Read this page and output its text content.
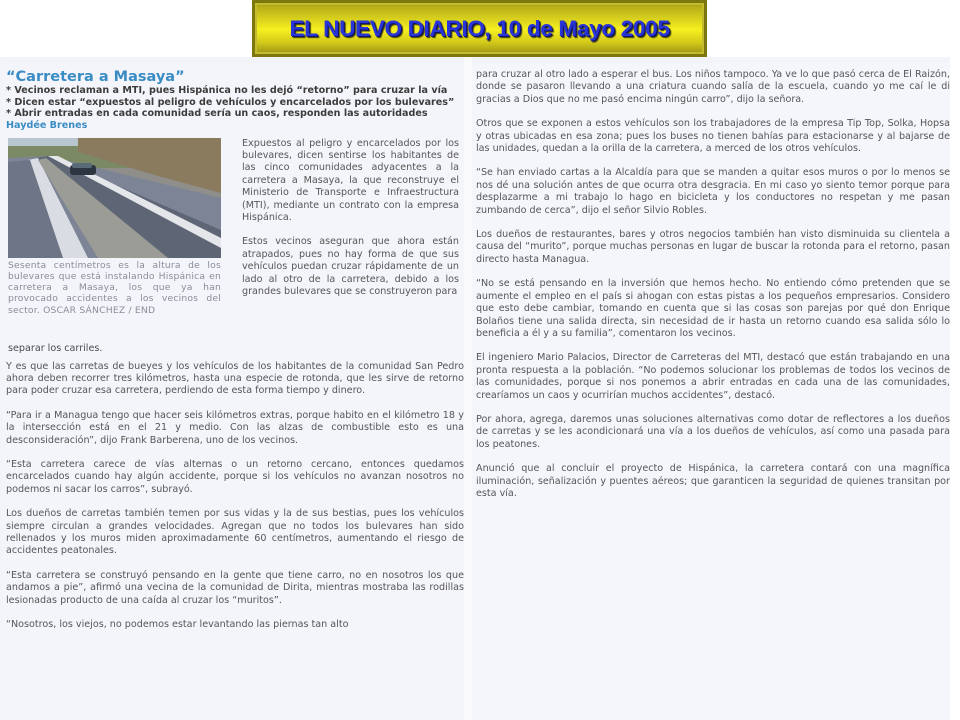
EL NUEVO DIARIO, 10 de Mayo 2005
“Carretera a Masaya”
* Vecinos reclaman a MTI, pues Hispánica no les dejó “retorno” para cruzar la vía
* Dicen estar “expuestos al peligro de vehículos y encarcelados por los bulevares”
* Abrir entradas en cada comunidad sería un caos, responden las autoridades
Haydée Brenes
Sesenta centímetros es la altura de los bulevares que está instalando Hispánica en carretera a Masaya, los que ya han provocado accidentes a los vecinos del sector. OSCAR SÁNCHEZ / END

Expuestos al peligro y encarcelados por los bulevares, dicen sentirse los habitantes de las cinco comunidades adyacentes a la carretera a Masaya, la que reconstruye el Ministerio de Transporte e Infraestructura (MTI), mediante un contrato con la empresa Hispánica.

Estos vecinos aseguran que ahora están atrapados, pues no hay forma de que sus vehículos puedan cruzar rápidamente de un lado al otro de la carretera, debido a los grandes bulevares que se construyeron para

separar los carriles.

Y es que las carretas de bueyes y los vehículos de los habitantes de la comunidad San Pedro ahora deben recorrer tres kilómetros, hasta una especie de rotonda, que les sirve de retorno para poder cruzar esa carretera, perdiendo de esta forma tiempo y dinero.

“Para ir a Managua tengo que hacer seis kilómetros extras, porque habito en el kilómetro 18 y la intersección está en el 21 y medio. Con las alzas de combustible esto es una desconsideración”, dijo Frank Barberena, uno de los vecinos.

“Esta carretera carece de vías alternas o un retorno cercano, entonces quedamos encarcelados cuando hay algún accidente, porque si los vehículos no avanzan nosotros no podemos ni sacar los carros”, subrayó.

Los dueños de carretas también temen por sus vidas y la de sus bestias, pues los vehículos siempre circulan a grandes velocidades. Agregan que no todos los bulevares han sido rellenados y los muros miden aproximadamente 60 centímetros, aumentando el riesgo de accidentes peatonales.

“Esta carretera se construyó pensando en la gente que tiene carro, no en nosotros los que andamos a pie”, afirmó una vecina de la comunidad de Dirita, mientras mostraba las rodillas lesionadas producto de una caída al cruzar los “muritos”.

“Nosotros, los viejos, no podemos estar levantando las piernas tan alto

para cruzar al otro lado a esperar el bus. Los niños tampoco. Ya ve lo que pasó cerca de El Raizón, donde se pasaron llevando a una criatura cuando salía de la escuela, cuando yo me caí le di gracias a Dios que no me pasó encima ningún carro”, dijo la señora.

Otros que se exponen a estos vehículos son los trabajadores de la empresa Tip Top, Solka, Hopsa y otras ubicadas en esa zona; pues los buses no tienen bahías para estacionarse y al bajarse de las unidades, quedan a la orilla de la carretera, a merced de los otros vehículos.

“Se han enviado cartas a la Alcaldía para que se manden a quitar esos muros o por lo menos se nos dé una solución antes de que ocurra otra desgracia. En mi caso yo siento temor porque para desplazarme a mi trabajo lo hago en bicicleta y los conductores no respetan y me pasan zumbando de cerca”, dijo el señor Silvio Robles.

Los dueños de restaurantes, bares y otros negocios también han visto disminuida su clientela a causa del “murito”, porque muchas personas en lugar de buscar la rotonda para el retorno, pasan directo hasta Managua.

“No se está pensando en la inversión que hemos hecho. No entiendo cómo pretenden que se aumente el empleo en el país si ahogan con estas pistas a los pequeños empresarios. Considero que esto debe cambiar, tomando en cuenta que si las cosas son parejas por qué don Enrique Bolaños tiene una salida directa, sin necesidad de ir hasta un retorno cuando esa salida sólo lo beneficia a él y a su familia”, comentaron los vecinos.

El ingeniero Mario Palacios, Director de Carreteras del MTI, destacó que están trabajando en una pronta respuesta a la población. “No podemos solucionar los problemas de todos los vecinos de las comunidades, porque si nos ponemos a abrir entradas en cada una de las comunidades, crearíamos un caos y ocurrirían muchos accidentes”, destacó.

Por ahora, agrega, daremos unas soluciones alternativas como dotar de reflectores a los dueños de carretas y se les acondicionará una vía a los dueños de vehículos, así como una pasada para los peatones.

Anunció que al concluir el proyecto de Hispánica, la carretera contará con una magnífica iluminación, señalización y puentes aéreos; que garanticen la seguridad de quienes transitan por esta vía.
